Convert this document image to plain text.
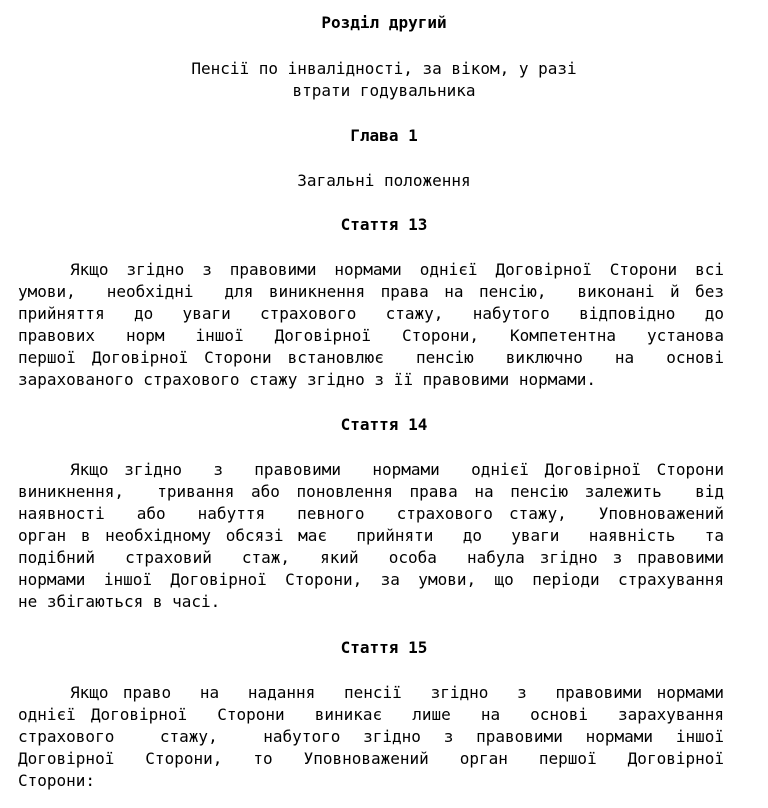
Розділ другий
Пенсії по інвалідності, за віком, у разі
втрати годувальника
Глава 1
Загальні положення
Стаття 13
Якщо згідно з правовими нормами однієї Договірної Сторони всі
умови,  необхідні  для виникнення права на пенсію,  виконані й без
прийняття до уваги страхового стажу, набутого відповідно до
правових норм іншої Договірної Сторони, Компетентна установа
першої Договірної Сторони встановлює  пенсію  виключно  на  основі
зарахованого страхового стажу згідно з її правовими нормами.
Стаття 14
Якщо згідно  з  правовими  нормами  однієї Договірної Сторони
виникнення,  тривання або поновлення права на пенсію залежить  від
наявності  або  набуття  певного  страхового стажу,  Уповноважений
орган в необхідному обсязі має  прийняти  до  уваги  наявність  та
подібний  страховий  стаж,  який  особа  набула згідно з правовими
нормами іншої Договірної Сторони, за умови, що періоди страхування
не збігаються в часі.
Стаття 15
Якщо право  на  надання  пенсії  згідно  з  правовими нормами
однієї Договірної  Сторони  виникає  лише  на  основі  зарахування
страхового  стажу,  набутого згідно з правовими нормами іншої
Договірної  Сторони,  то  Уповноважений  орган  першої  Договірної
Сторони:
